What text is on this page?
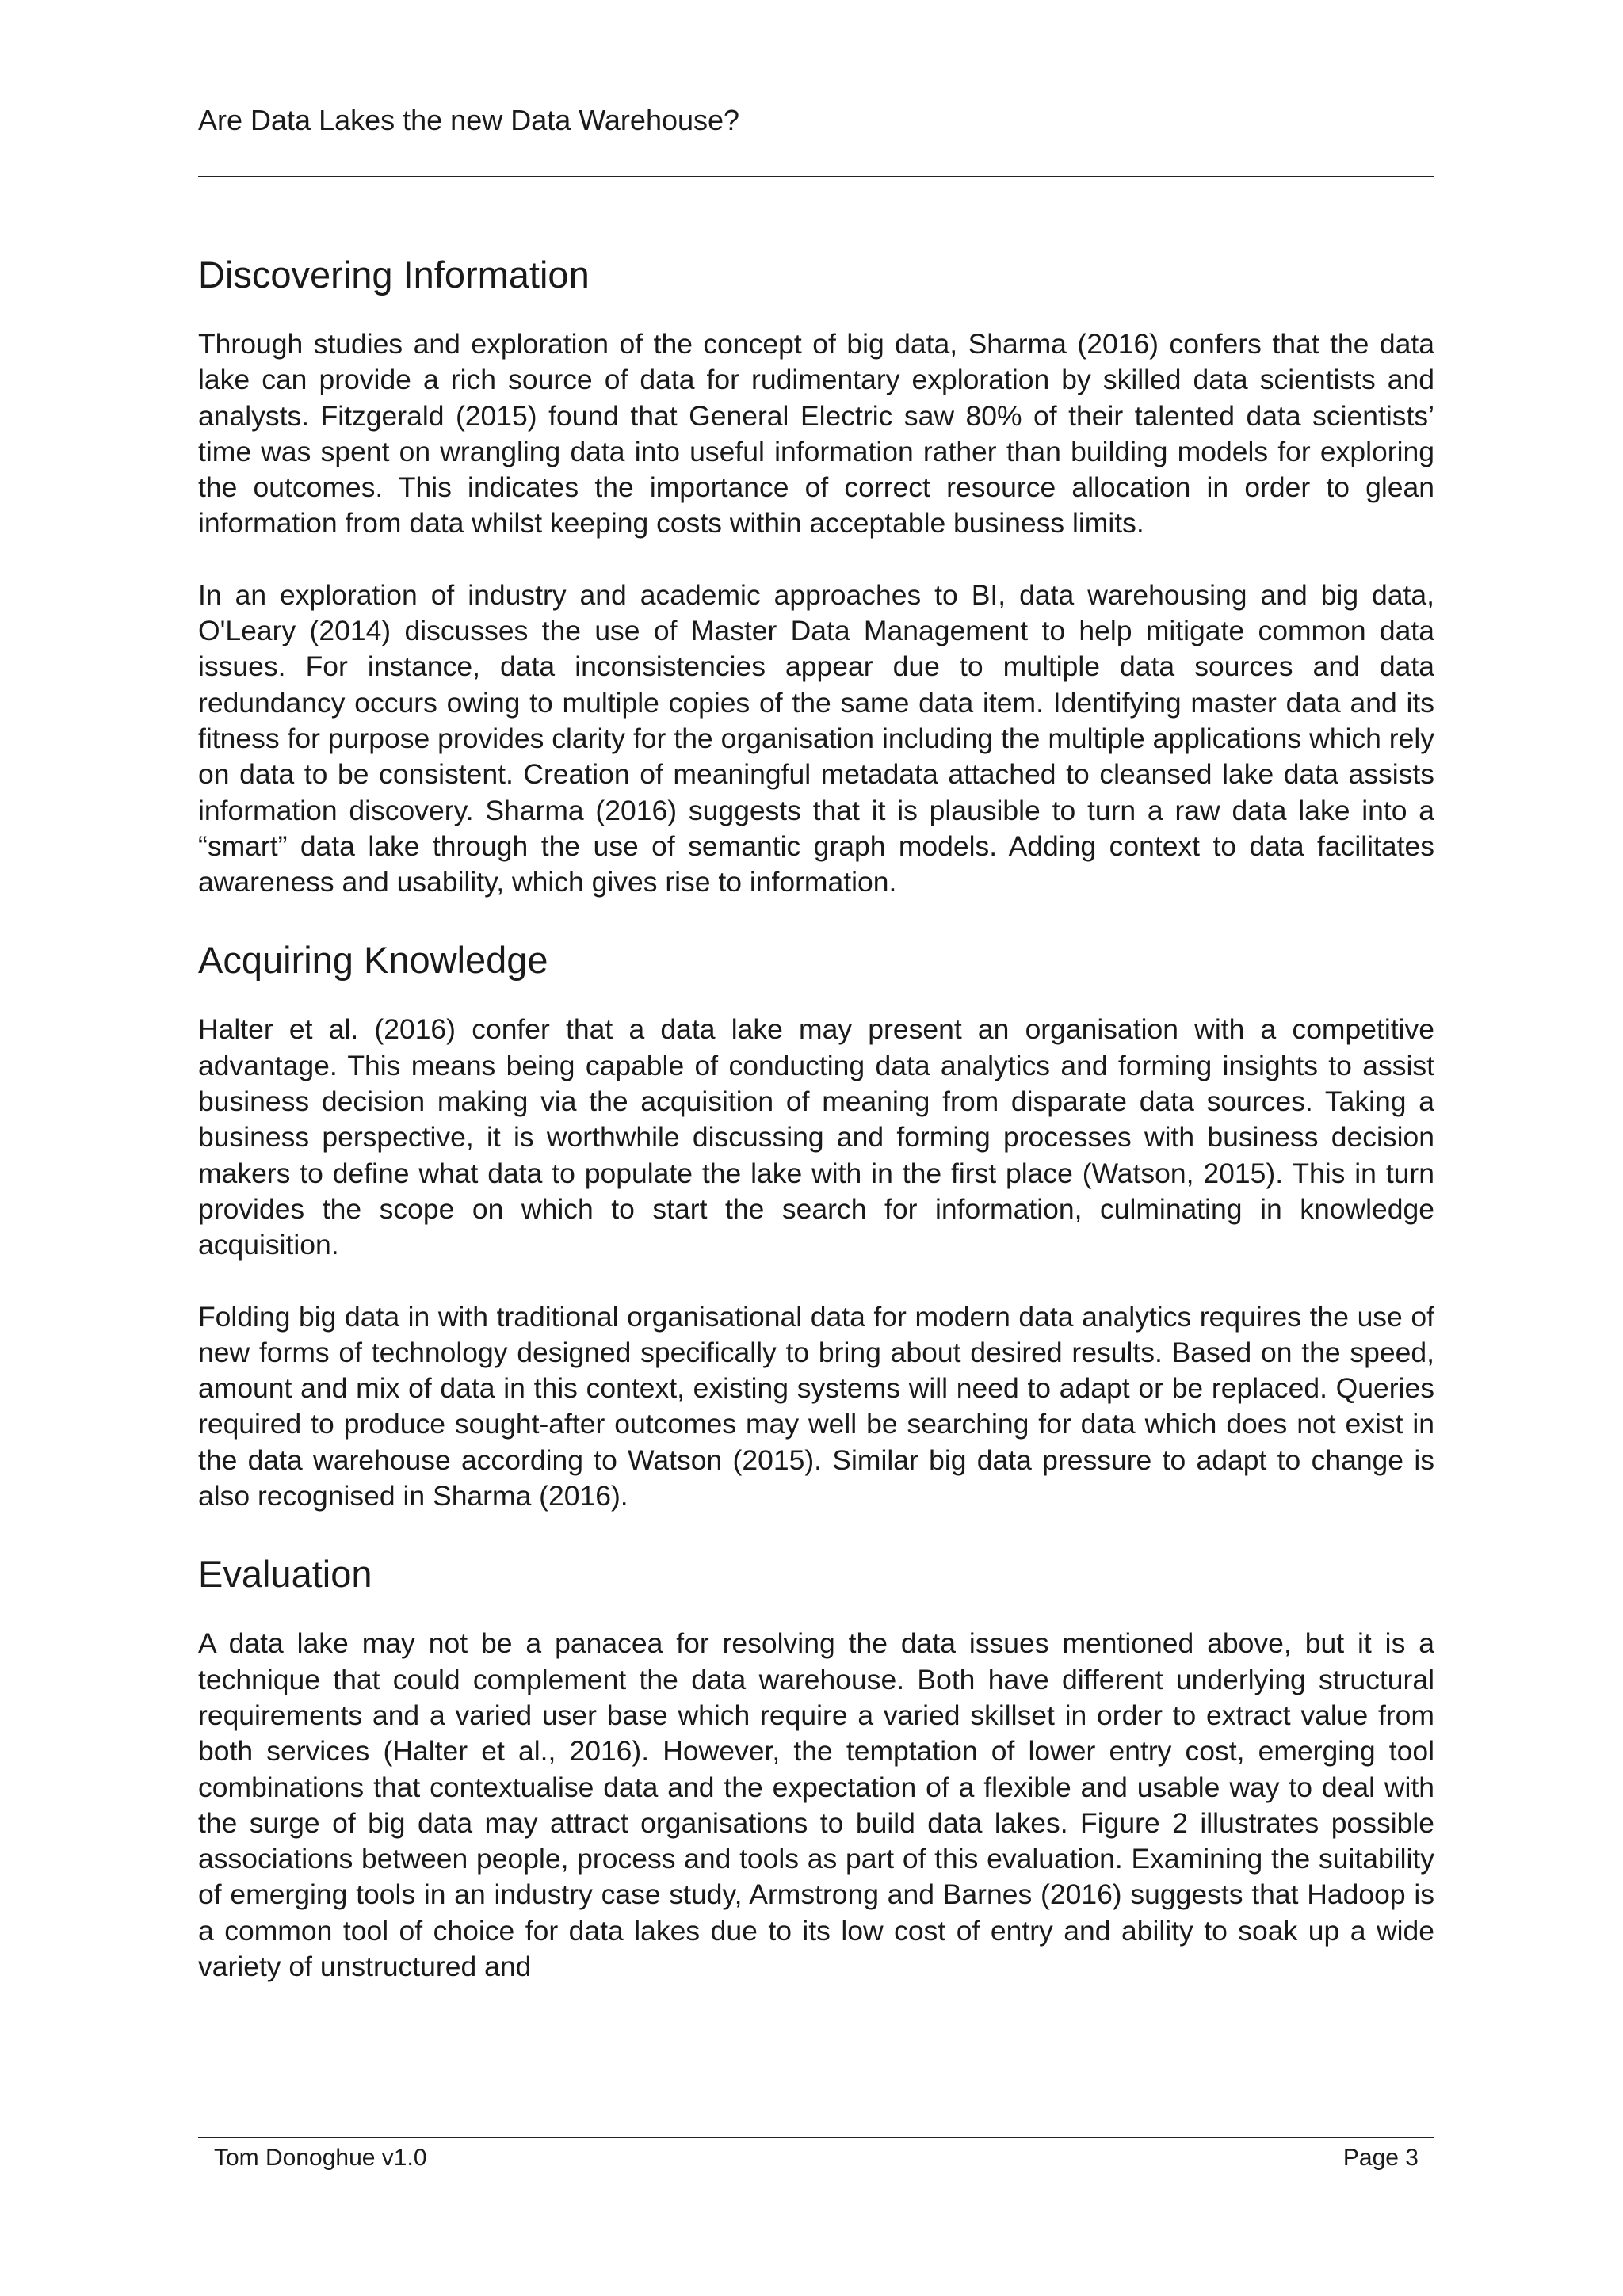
Are Data Lakes the new Data Warehouse?
Discovering Information

Through studies and exploration of the concept of big data, Sharma (2016) confers that the data lake can provide a rich source of data for rudimentary exploration by skilled data scientists and analysts. Fitzgerald (2015) found that General Electric saw 80% of their talented data scientists’ time was spent on wrangling data into useful information rather than building models for exploring the outcomes. This indicates the importance of correct resource allocation in order to glean information from data whilst keeping costs within acceptable business limits.

In an exploration of industry and academic approaches to BI, data warehousing and big data, O'Leary (2014) discusses the use of Master Data Management to help mitigate common data issues. For instance, data inconsistencies appear due to multiple data sources and data redundancy occurs owing to multiple copies of the same data item. Identifying master data and its fitness for purpose provides clarity for the organisation including the multiple applications which rely on data to be consistent. Creation of meaningful metadata attached to cleansed lake data assists information discovery. Sharma (2016) suggests that it is plausible to turn a raw data lake into a “smart” data lake through the use of semantic graph models. Adding context to data facilitates awareness and usability, which gives rise to information.

Acquiring Knowledge

Halter et al. (2016) confer that a data lake may present an organisation with a competitive advantage. This means being capable of conducting data analytics and forming insights to assist business decision making via the acquisition of meaning from disparate data sources. Taking a business perspective, it is worthwhile discussing and forming processes with business decision makers to define what data to populate the lake with in the first place (Watson, 2015). This in turn provides the scope on which to start the search for information, culminating in knowledge acquisition.

Folding big data in with traditional organisational data for modern data analytics requires the use of new forms of technology designed specifically to bring about desired results. Based on the speed, amount and mix of data in this context, existing systems will need to adapt or be replaced. Queries required to produce sought-after outcomes may well be searching for data which does not exist in the data warehouse according to Watson (2015). Similar big data pressure to adapt to change is also recognised in Sharma (2016).

Evaluation

A data lake may not be a panacea for resolving the data issues mentioned above, but it is a technique that could complement the data warehouse. Both have different underlying structural requirements and a varied user base which require a varied skillset in order to extract value from both services (Halter et al., 2016). However, the temptation of lower entry cost, emerging tool combinations that contextualise data and the expectation of a flexible and usable way to deal with the surge of big data may attract organisations to build data lakes. Figure 2 illustrates possible associations between people, process and tools as part of this evaluation. Examining the suitability of emerging tools in an industry case study, Armstrong and Barnes (2016) suggests that Hadoop is a common tool of choice for data lakes due to its low cost of entry and ability to soak up a wide variety of unstructured and

Tom Donoghue v1.0	Page 3
